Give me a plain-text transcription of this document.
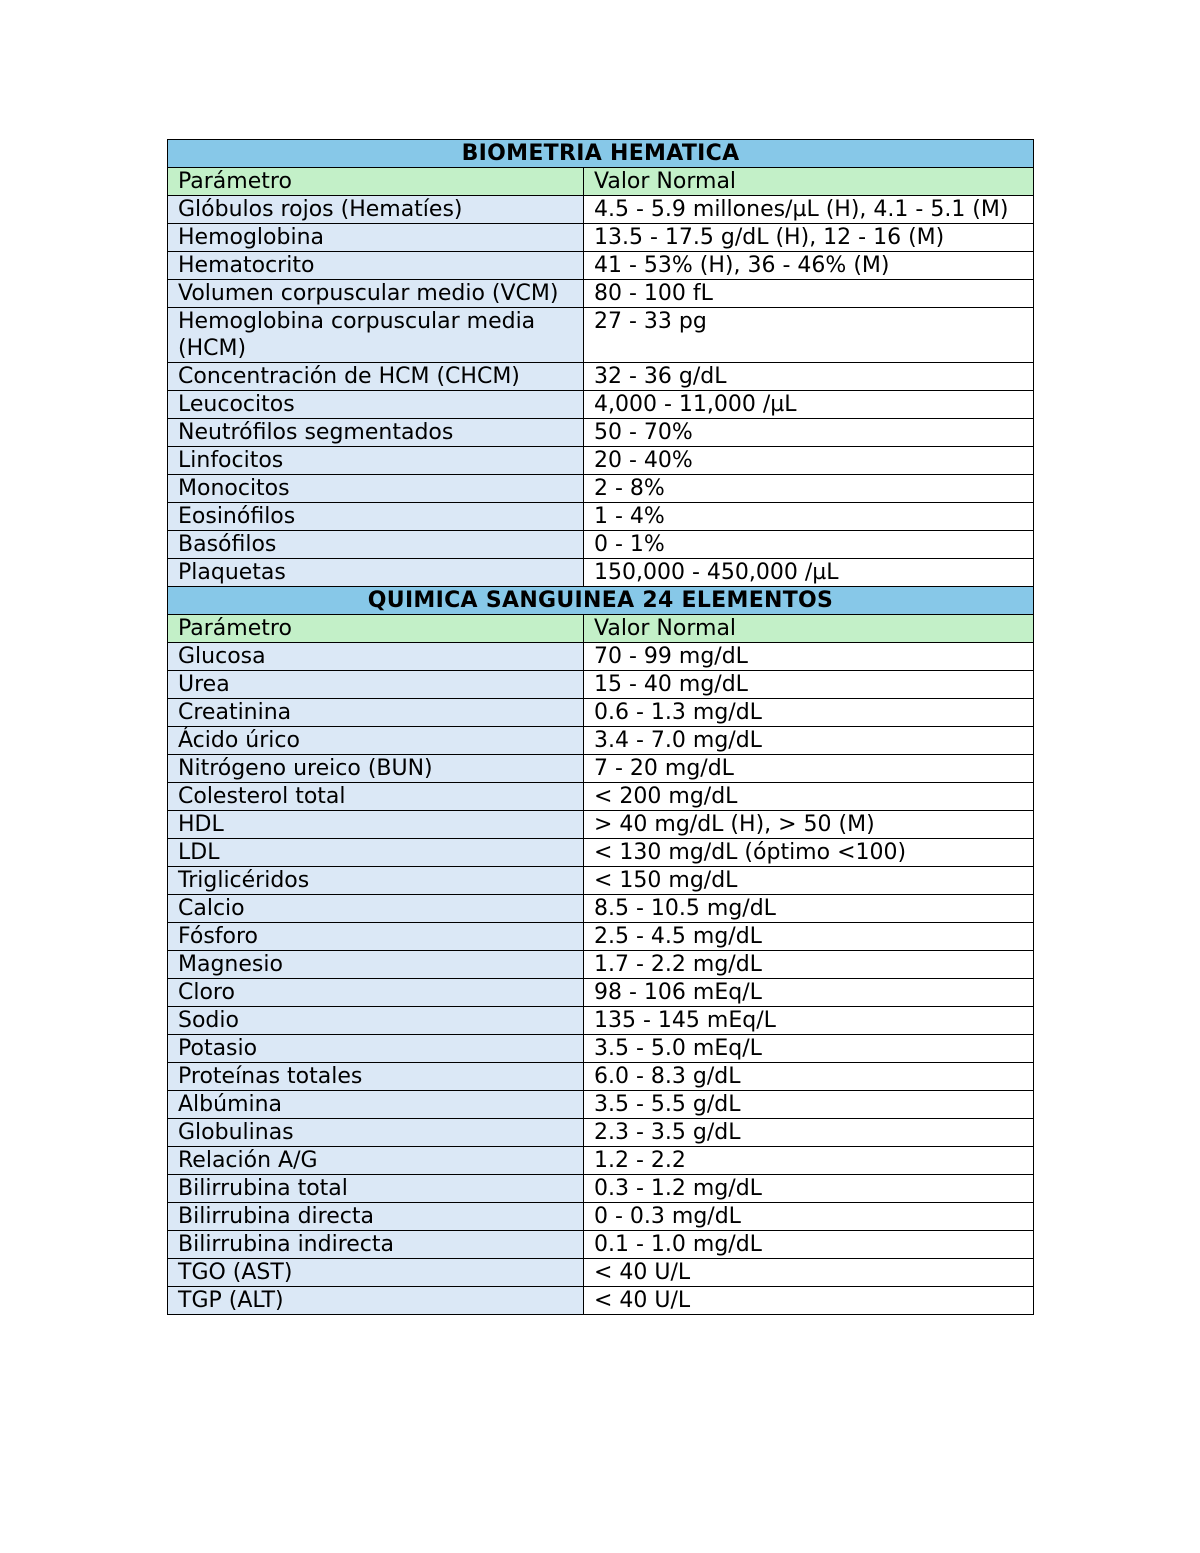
BIOMETRIA HEMATICA	
Parámetro	Valor Normal
Glóbulos rojos (Hematíes)	4.5 - 5.9 millones/µL (H), 4.1 - 5.1 (M)
Hemoglobina	13.5 - 17.5 g/dL (H), 12 - 16 (M)
Hematocrito	41 - 53% (H), 36 - 46% (M)
Volumen corpuscular medio (VCM)	80 - 100 fL
Hemoglobina corpuscular media (HCM)	27 - 33 pg
Concentración de HCM (CHCM)	32 - 36 g/dL
Leucocitos	4,000 - 11,000 /µL
Neutrófilos segmentados	50 - 70%
Linfocitos	20 - 40%
Monocitos	2 - 8%
Eosinófilos	1 - 4%
Basófilos	0 - 1%
Plaquetas	150,000 - 450,000 /µL
QUIMICA SANGUINEA 24 ELEMENTOS	
Parámetro	Valor Normal
Glucosa	70 - 99 mg/dL
Urea	15 - 40 mg/dL
Creatinina	0.6 - 1.3 mg/dL
Ácido úrico	3.4 - 7.0 mg/dL
Nitrógeno ureico (BUN)	7 - 20 mg/dL
Colesterol total	< 200 mg/dL
HDL	> 40 mg/dL (H), > 50 (M)
LDL	< 130 mg/dL (óptimo <100)
Triglicéridos	< 150 mg/dL
Calcio	8.5 - 10.5 mg/dL
Fósforo	2.5 - 4.5 mg/dL
Magnesio	1.7 - 2.2 mg/dL
Cloro	98 - 106 mEq/L
Sodio	135 - 145 mEq/L
Potasio	3.5 - 5.0 mEq/L
Proteínas totales	6.0 - 8.3 g/dL
Albúmina	3.5 - 5.5 g/dL
Globulinas	2.3 - 3.5 g/dL
Relación A/G	1.2 - 2.2
Bilirrubina total	0.3 - 1.2 mg/dL
Bilirrubina directa	0 - 0.3 mg/dL
Bilirrubina indirecta	0.1 - 1.0 mg/dL
TGO (AST)	< 40 U/L
TGP (ALT)	< 40 U/L
